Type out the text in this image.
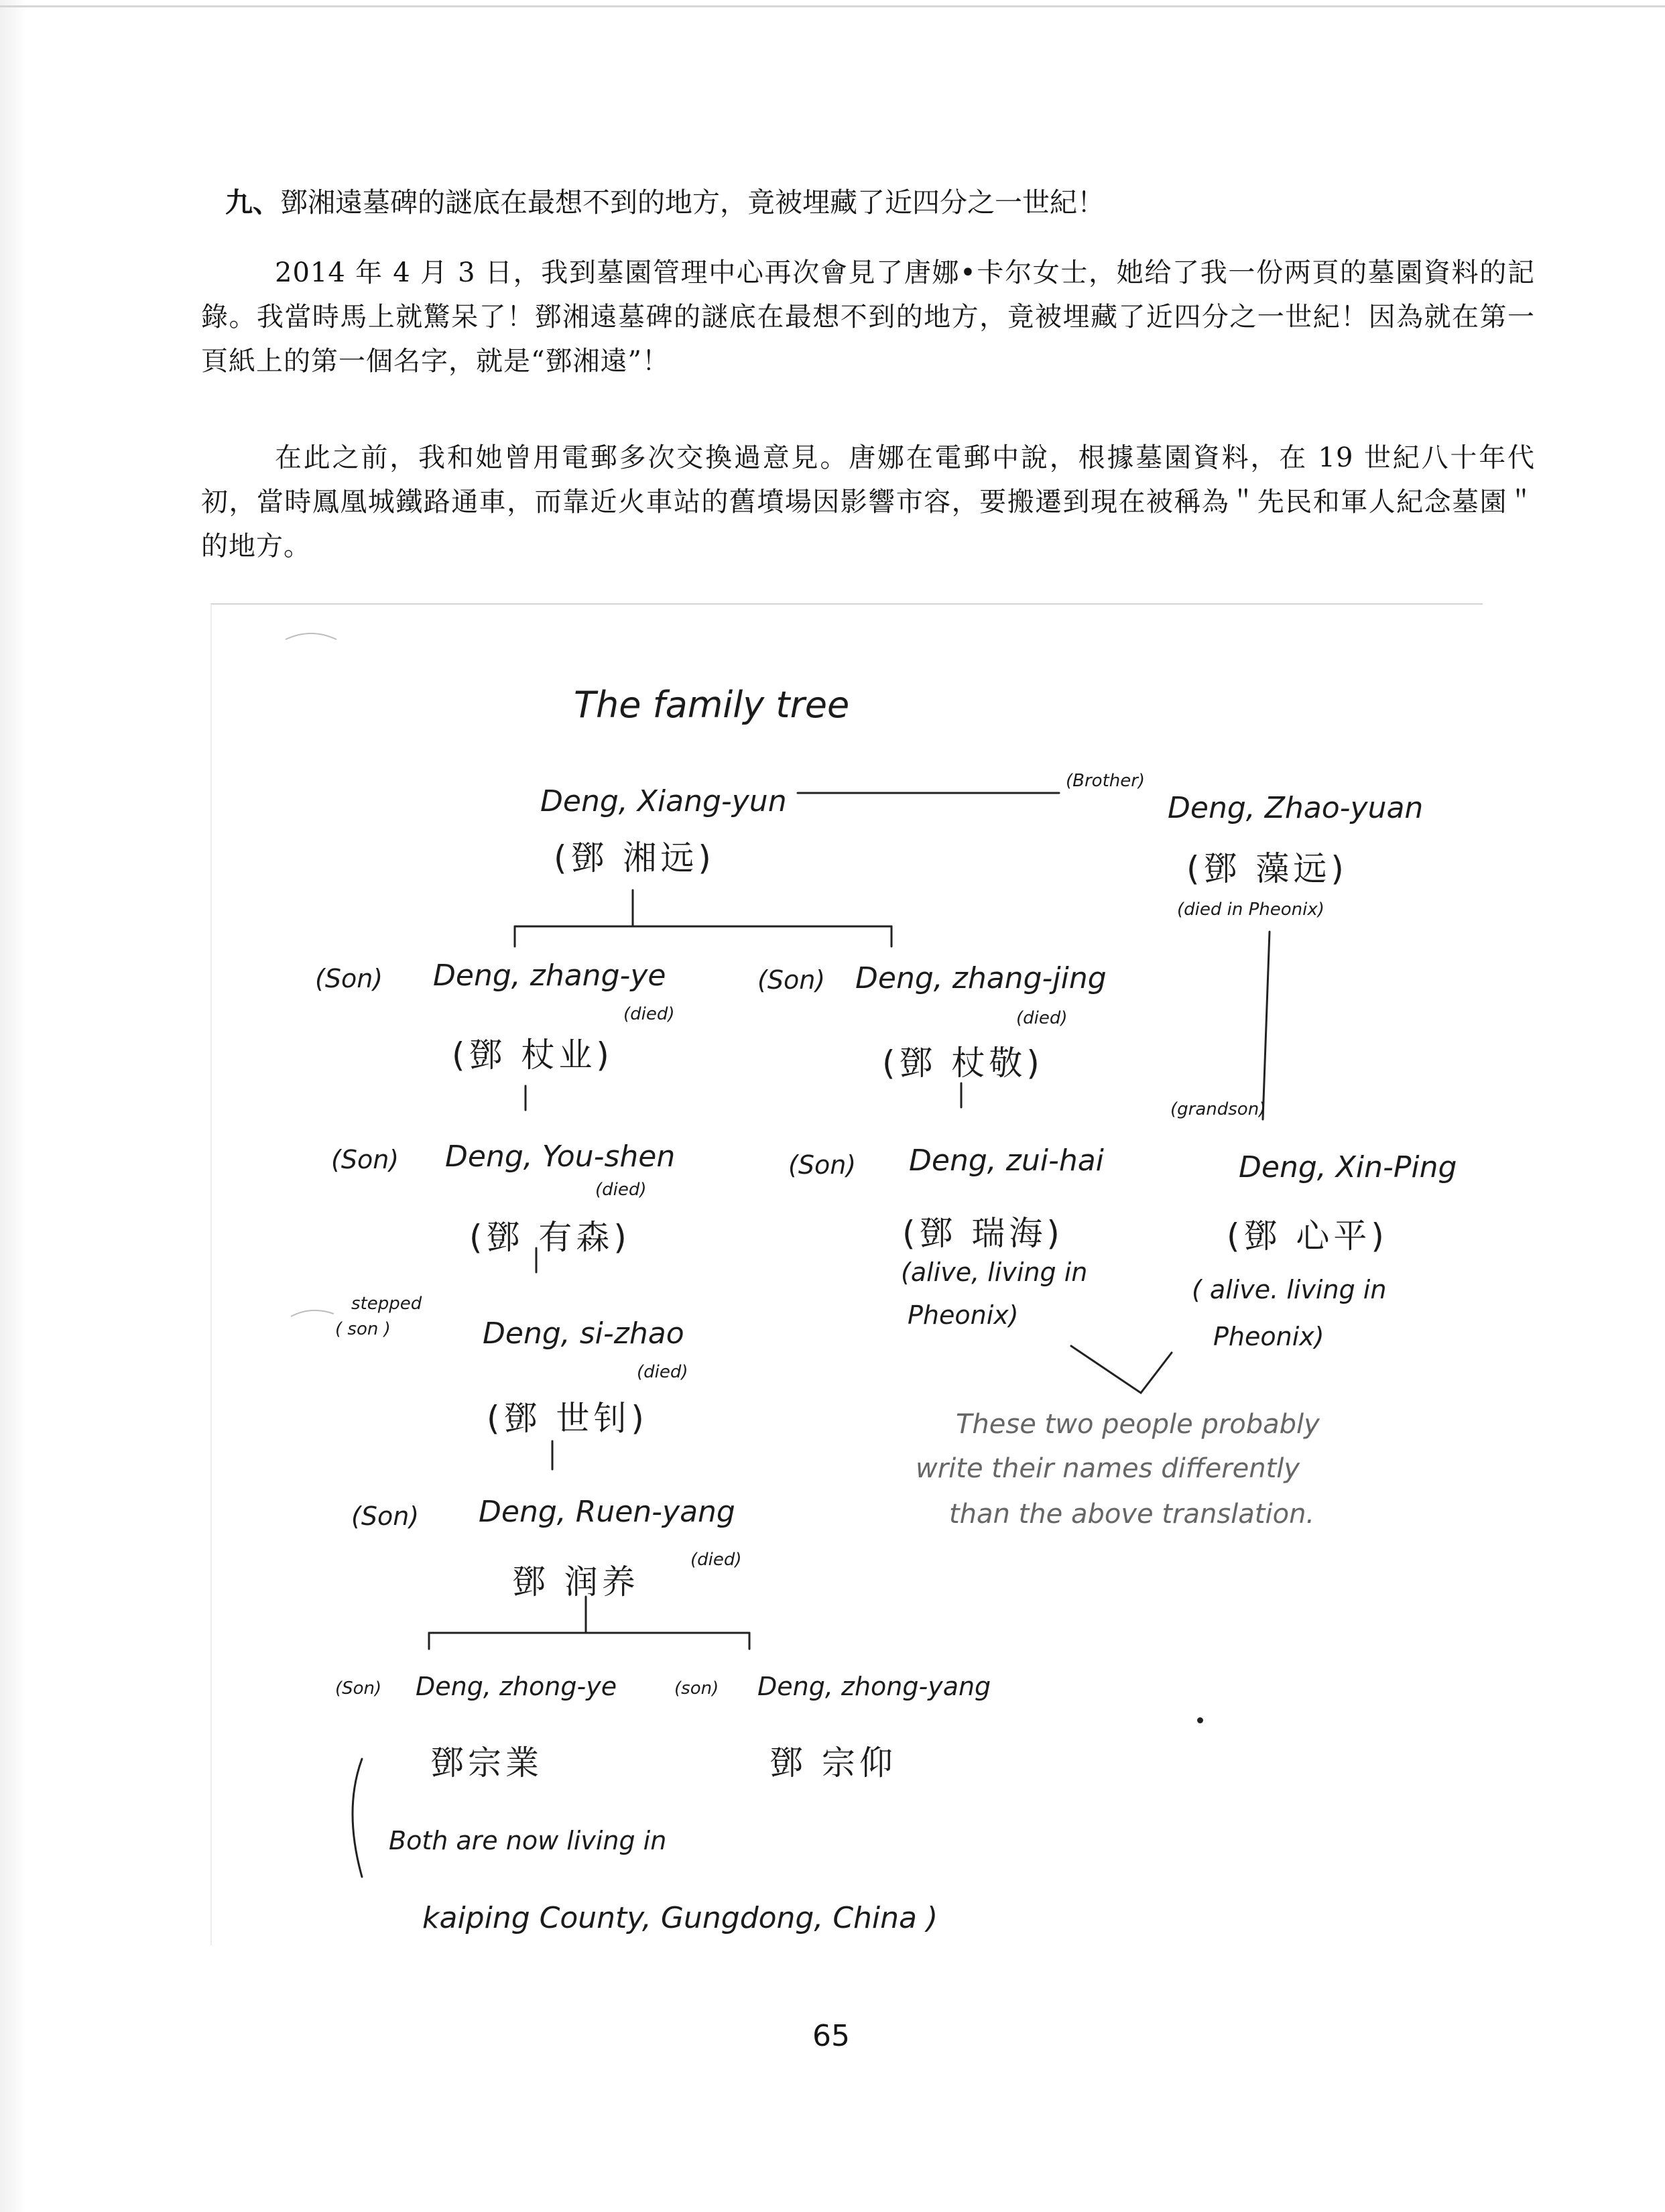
九、鄧湘遠墓碑的謎底在最想不到的地方，竟被埋藏了近四分之一世紀！
2014 年 4 月 3 日，我到墓園管理中心再次會見了唐娜•卡尔女士，她给了我一份两頁的墓園資料的記錄。我當時馬上就驚呆了！鄧湘遠墓碑的謎底在最想不到的地方，竟被埋藏了近四分之一世紀！因為就在第一頁紙上的第一個名字，就是“鄧湘遠”！
在此之前，我和她曾用電郵多次交換過意見。唐娜在電郵中說，根據墓園資料，在 19 世紀八十年代初，當時鳳凰城鐵路通車，而靠近火車站的舊墳場因影響市容，要搬遷到現在被稱為＂先民和軍人紀念墓園＂的地方。
The family tree
(Brother)
Deng, Xiang-yun
(鄧 湘远)
Deng, Zhao-yuan
(鄧 藻远)
(died in Pheonix)
(Son) Deng, zhang-ye
(died)
(鄧 杖业)
(Son) Deng, zhang-jing
(died)
(鄧 杖敬)
(grandson)
(Son) Deng, You-shen
(died)
(鄧 有森)
(Son) Deng, zui-hai
(鄧 瑞海)
(alive, living in
Pheonix)
Deng, Xin-Ping
(鄧 心平)
( alive. living in
Pheonix)
stepped
( son )	Deng, si-zhao
(died)
(鄧 世钊)	These two people probably
write their names differently
than the above translation.
(Son) Deng, Ruen-yang
(died)
鄧 润养
(Son) Deng, zhong-ye
鄧宗業
(son) Deng, zhong-yang
鄧 宗仰
Both are now living in
kaiping County, Gungdong, China )
65
